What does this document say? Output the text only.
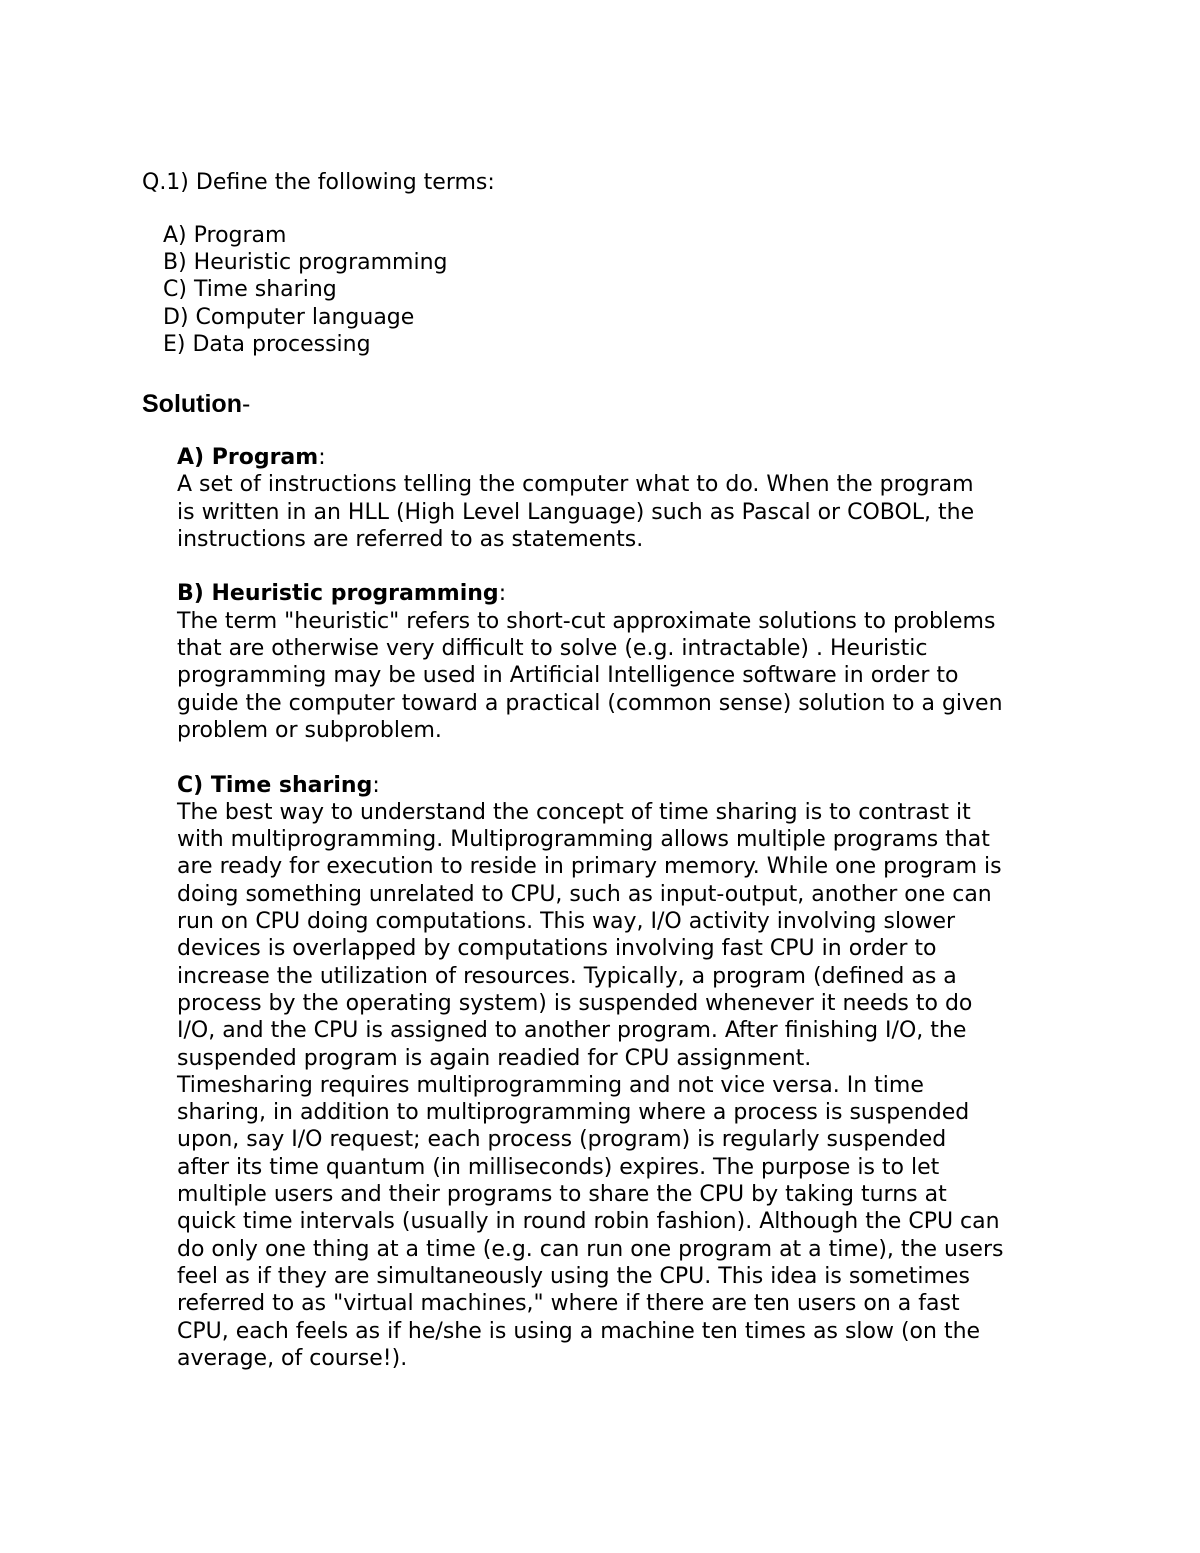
Q.1) Define the following terms:

A) Program
B) Heuristic programming
C) Time sharing
D) Computer language
E) Data processing
Solution-

A) Program:

A set of instructions telling the computer what to do. When the program
is written in an HLL (High Level Language) such as Pascal or COBOL, the
instructions are referred to as statements.

B) Heuristic programming:

The term "heuristic" refers to short-cut approximate solutions to problems
that are otherwise very difficult to solve (e.g. intractable) . Heuristic
programming may be used in Artificial Intelligence software in order to
guide the computer toward a practical (common sense) solution to a given
problem or subproblem.

C) Time sharing:

The best way to understand the concept of time sharing is to contrast it
with multiprogramming. Multiprogramming allows multiple programs that
are ready for execution to reside in primary memory. While one program is
doing something unrelated to CPU, such as input-output, another one can
run on CPU doing computations. This way, I/O activity involving slower
devices is overlapped by computations involving fast CPU in order to
increase the utilization of resources. Typically, a program (defined as a
process by the operating system) is suspended whenever it needs to do
I/O, and the CPU is assigned to another program. After finishing I/O, the
suspended program is again readied for CPU assignment.
Timesharing requires multiprogramming and not vice versa. In time
sharing, in addition to multiprogramming where a process is suspended
upon, say I/O request; each process (program) is regularly suspended
after its time quantum (in milliseconds) expires. The purpose is to let
multiple users and their programs to share the CPU by taking turns at
quick time intervals (usually in round robin fashion). Although the CPU can
do only one thing at a time (e.g. can run one program at a time), the users
feel as if they are simultaneously using the CPU. This idea is sometimes
referred to as "virtual machines," where if there are ten users on a fast
CPU, each feels as if he/she is using a machine ten times as slow (on the
average, of course!).
